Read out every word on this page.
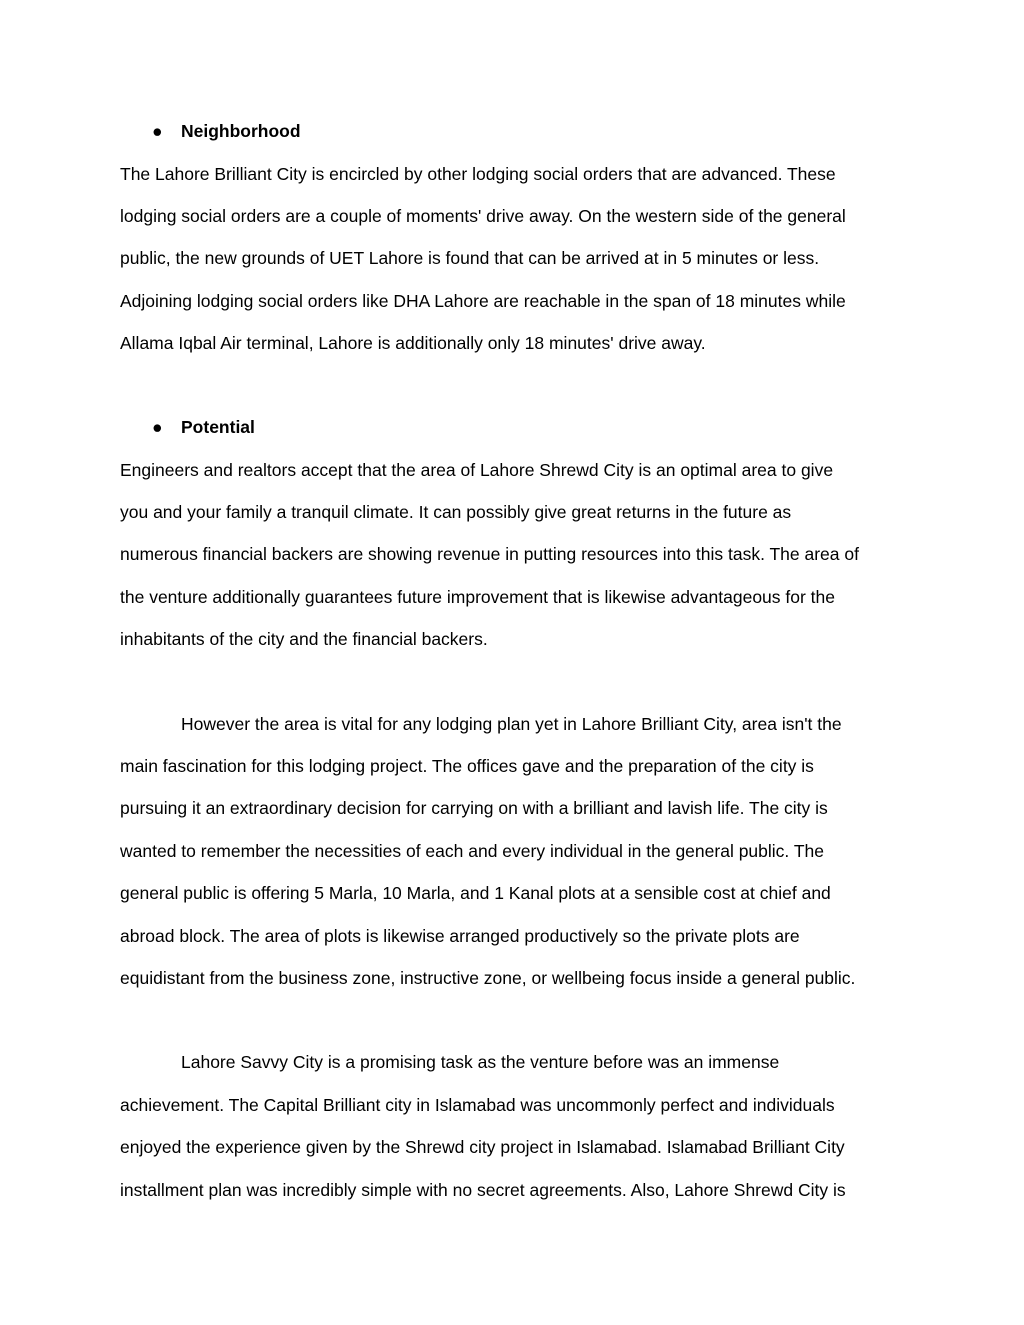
● Neighborhood
The Lahore Brilliant City is encircled by other lodging social orders that are advanced. These
lodging social orders are a couple of moments' drive away. On the western side of the general
public, the new grounds of UET Lahore is found that can be arrived at in 5 minutes or less.
Adjoining lodging social orders like DHA Lahore are reachable in the span of 18 minutes while
Allama Iqbal Air terminal, Lahore is additionally only 18 minutes' drive away.
● Potential
Engineers and realtors accept that the area of Lahore Shrewd City is an optimal area to give
you and your family a tranquil climate. It can possibly give great returns in the future as
numerous financial backers are showing revenue in putting resources into this task. The area of
the venture additionally guarantees future improvement that is likewise advantageous for the
inhabitants of the city and the financial backers.
However the area is vital for any lodging plan yet in Lahore Brilliant City, area isn't the
main fascination for this lodging project. The offices gave and the preparation of the city is
pursuing it an extraordinary decision for carrying on with a brilliant and lavish life. The city is
wanted to remember the necessities of each and every individual in the general public. The
general public is offering 5 Marla, 10 Marla, and 1 Kanal plots at a sensible cost at chief and
abroad block. The area of plots is likewise arranged productively so the private plots are
equidistant from the business zone, instructive zone, or wellbeing focus inside a general public.
Lahore Savvy City is a promising task as the venture before was an immense
achievement. The Capital Brilliant city in Islamabad was uncommonly perfect and individuals
enjoyed the experience given by the Shrewd city project in Islamabad. Islamabad Brilliant City
installment plan was incredibly simple with no secret agreements. Also, Lahore Shrewd City is
